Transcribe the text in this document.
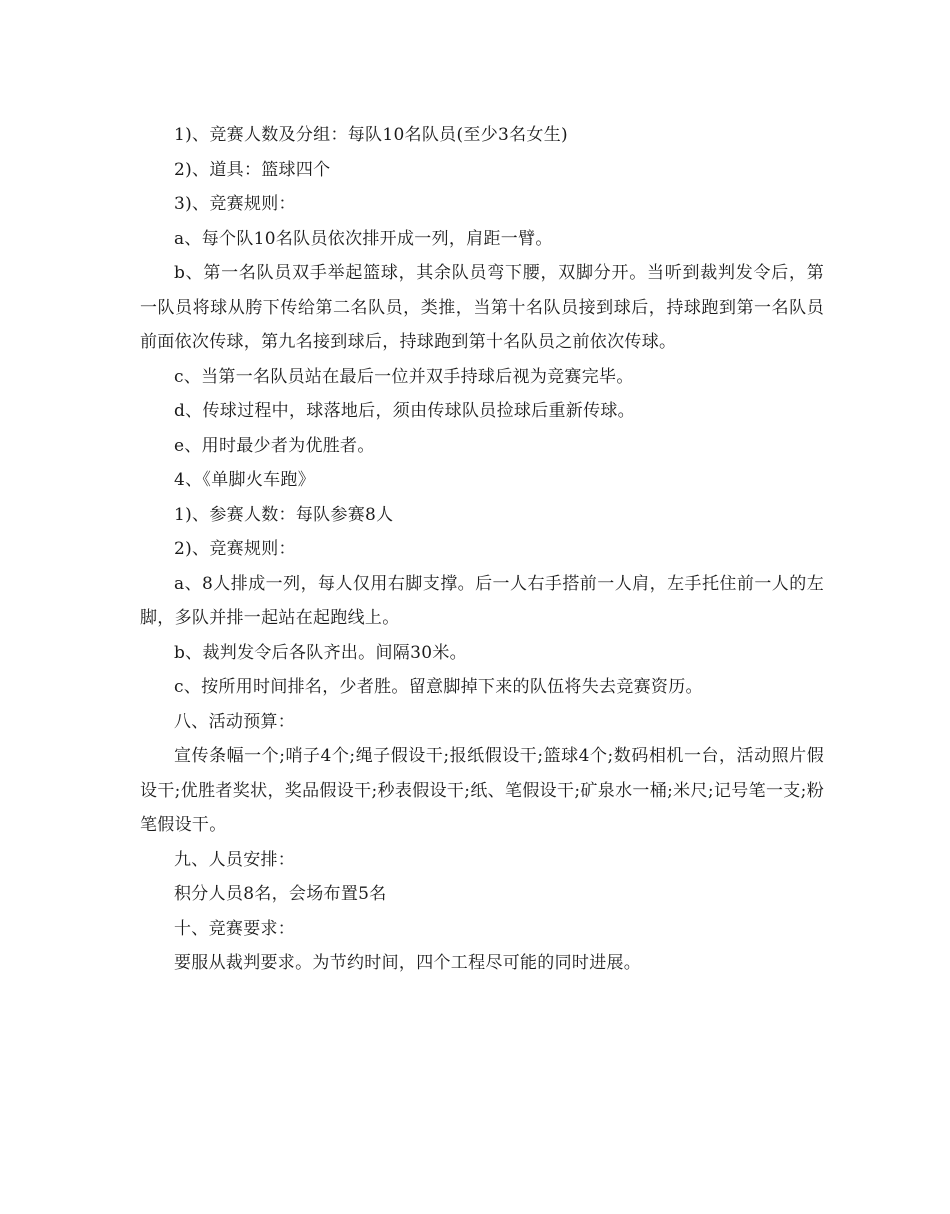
1)、竞赛人数及分组：每队10名队员(至少3名女生)

2)、道具：篮球四个

3)、竞赛规则：

a、每个队10名队员依次排开成一列，肩距一臂。

b、第一名队员双手举起篮球，其余队员弯下腰，双脚分开。当听到裁判发令后，第一队员将球从胯下传给第二名队员，类推，当第十名队员接到球后，持球跑到第一名队员前面依次传球，第九名接到球后，持球跑到第十名队员之前依次传球。

c、当第一名队员站在最后一位并双手持球后视为竞赛完毕。

d、传球过程中，球落地后，须由传球队员捡球后重新传球。

e、用时最少者为优胜者。

4、《单脚火车跑》

1)、参赛人数：每队参赛8人

2)、竞赛规则：

a、8人排成一列，每人仅用右脚支撑。后一人右手搭前一人肩，左手托住前一人的左脚，多队并排一起站在起跑线上。

b、裁判发令后各队齐出。间隔30米。

c、按所用时间排名，少者胜。留意脚掉下来的队伍将失去竞赛资历。

八、活动预算：

宣传条幅一个;哨子4个;绳子假设干;报纸假设干;篮球4个;数码相机一台，活动照片假设干;优胜者奖状，奖品假设干;秒表假设干;纸、笔假设干;矿泉水一桶;米尺;记号笔一支;粉笔假设干。

九、人员安排：

积分人员8名，会场布置5名

十、竞赛要求：

要服从裁判要求。为节约时间，四个工程尽可能的同时进展。
